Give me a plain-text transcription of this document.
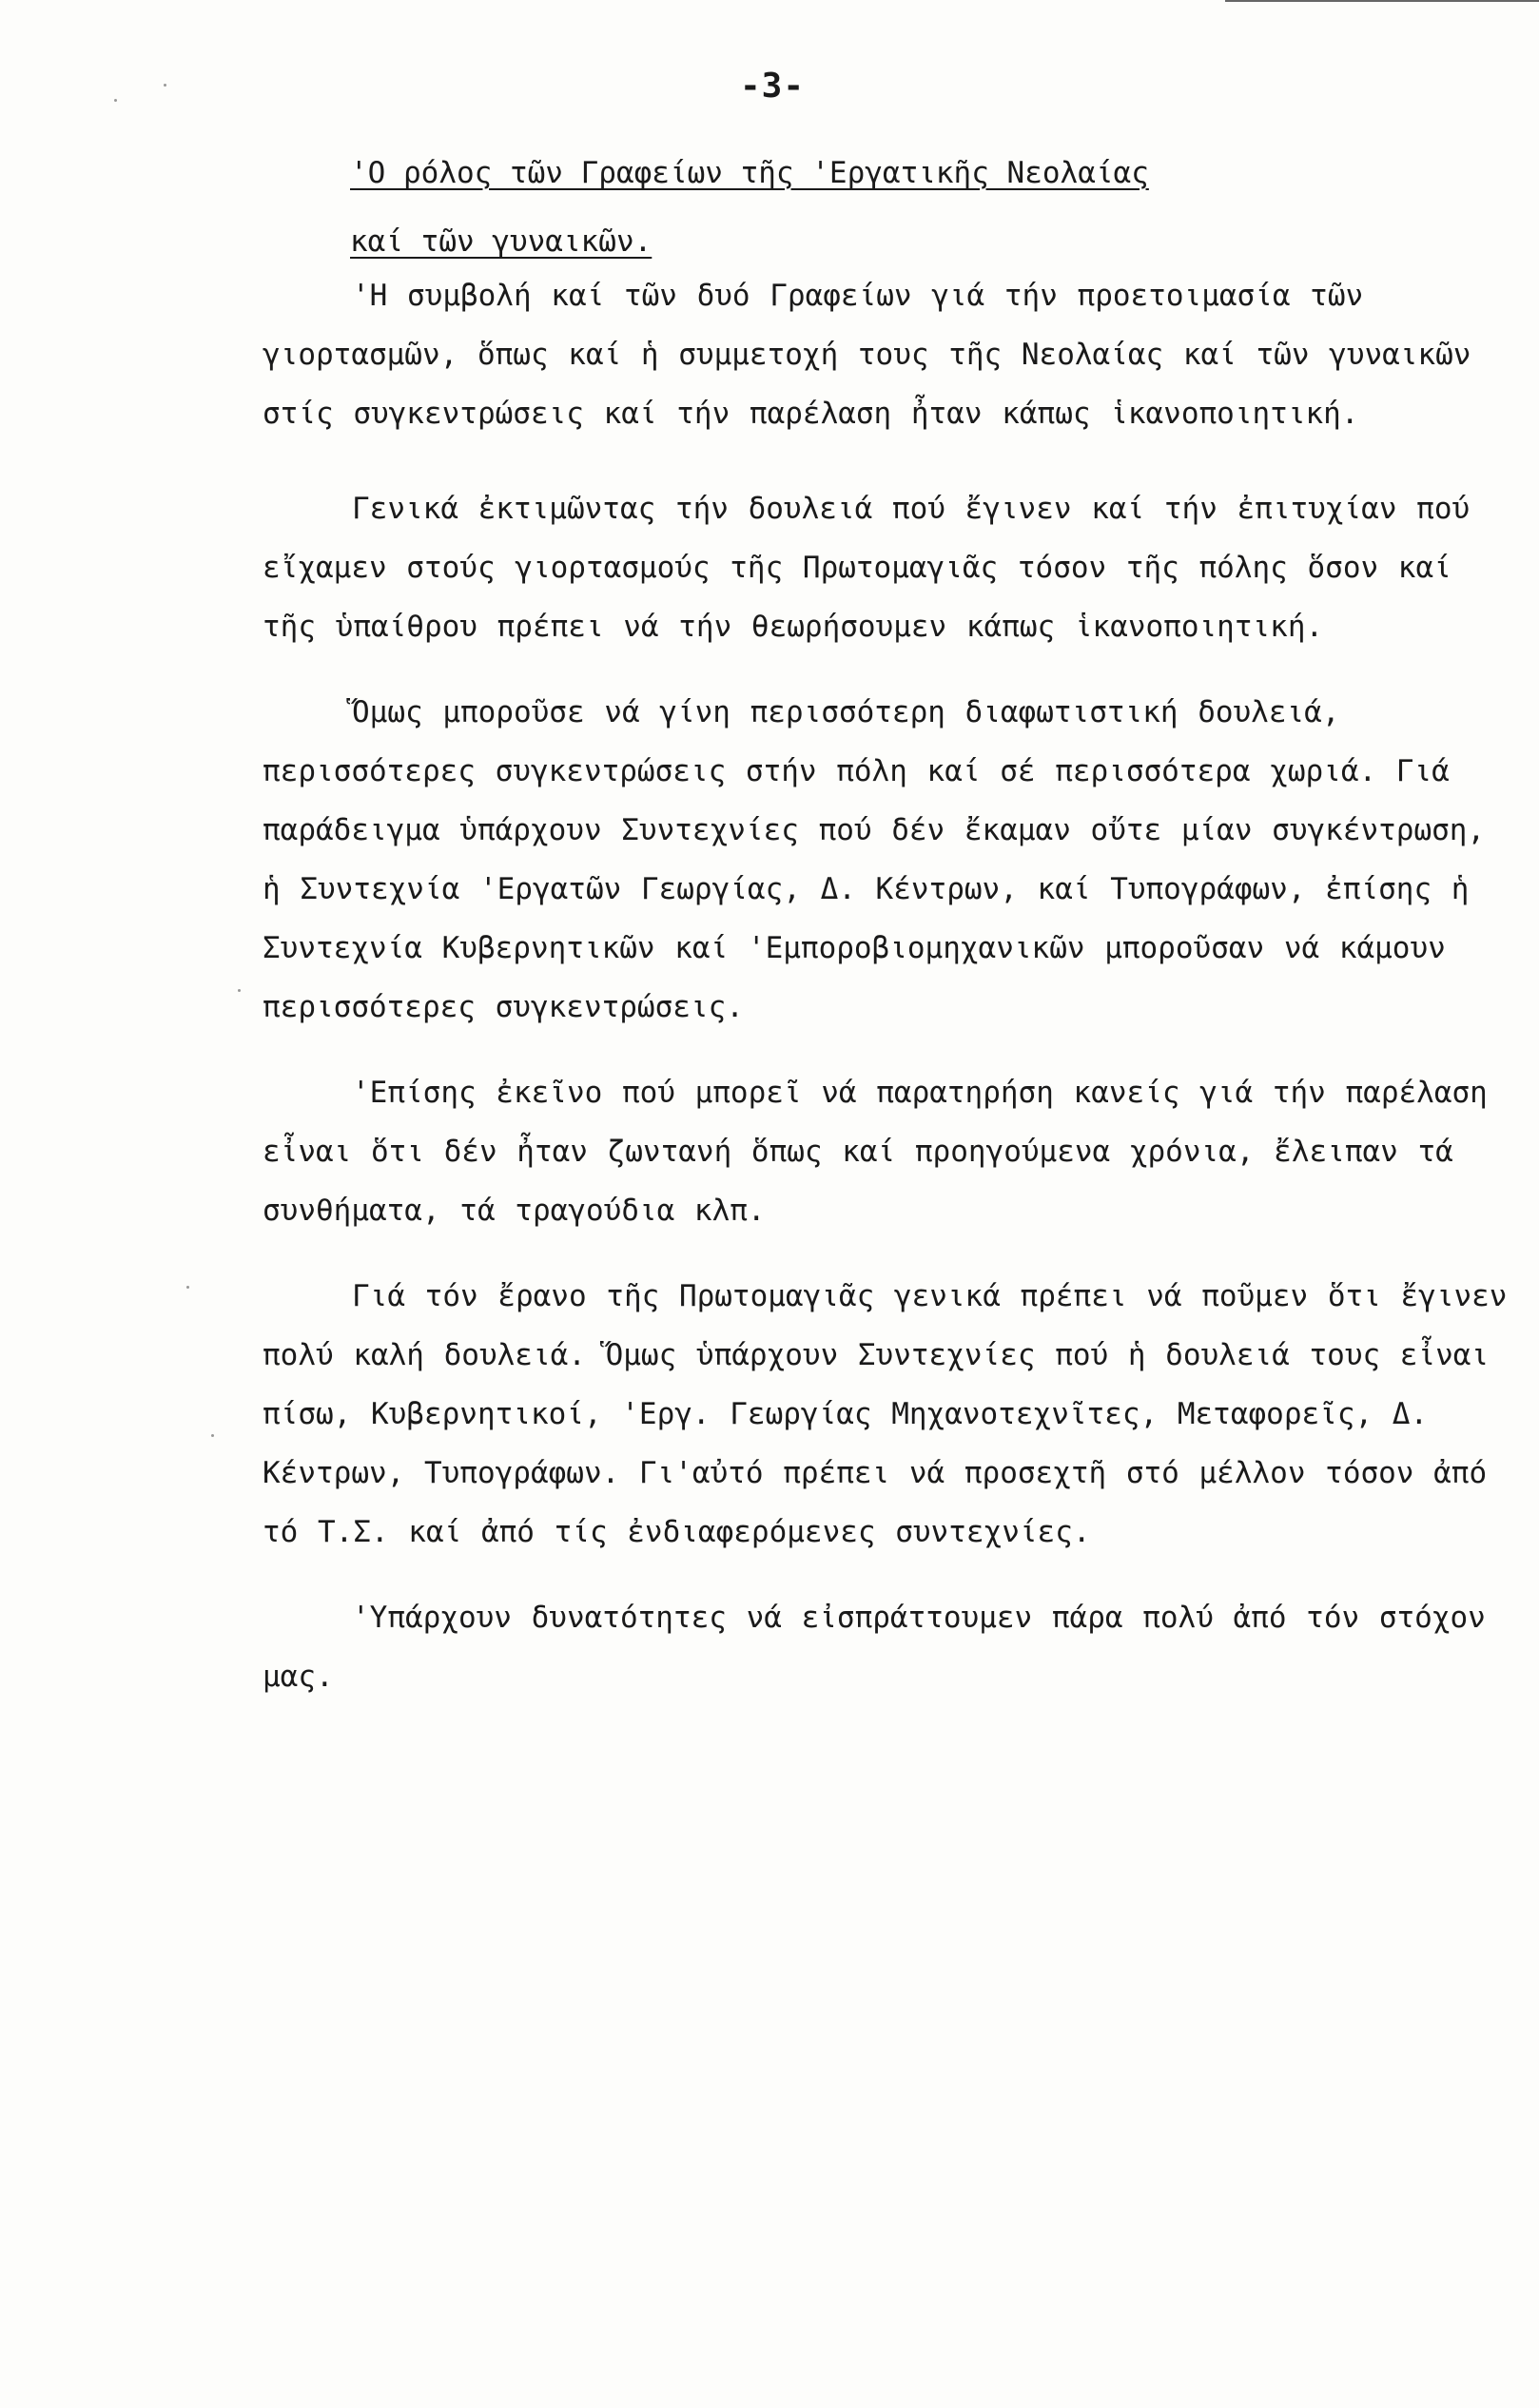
-3-
'Ο ρόλος τῶν Γραφείων τῆς 'Εργατικῆς Νεολαίας
καί τῶν γυναικῶν.

'Η συμβολή καί τῶν δυό Γραφείων γιά τήν προετοιμασία τῶν γιορτασμῶν, ὅπως καί ἡ συμμετοχή τους τῆς Νεολαίας καί τῶν γυναικῶν στίς συγκεντρώσεις καί τήν παρέλαση ἦταν κάπως ἱκανοποιητική.

Γενικά ἐκτιμῶντας τήν δουλειά πού ἔγινεν καί τήν ἐπιτυχίαν πού εἴχαμεν στούς γιορτασμούς τῆς Πρωτομαγιᾶς τόσον τῆς πόλης ὅσον καί τῆς ὑπαίθρου πρέπει νά τήν θεωρήσουμεν κάπως ἱκανοποιητική.

Ὅμως μποροῦσε νά γίνη περισσότερη διαφωτιστική δουλειά, περισσότερες συγκεντρώσεις στήν πόλη καί σέ περισσότερα χωριά. Γιά παράδειγμα ὑπάρχουν Συντεχνίες πού δέν ἔκαμαν οὔτε μίαν συγκέντρωση, ἡ Συντεχνία 'Εργατῶν Γεωργίας, Δ. Κέντρων, καί Τυπογράφων, ἐπίσης ἡ Συντεχνία Κυβερνητικῶν καί 'Εμποροβιομηχανικῶν μποροῦσαν νά κάμουν περισσότερες συγκεντρώσεις.

'Επίσης ἐκεῖνο πού μπορεῖ νά παρατηρήση κανείς γιά τήν παρέλαση εἶναι ὅτι δέν ἦταν ζωντανή ὅπως καί προηγούμενα χρόνια, ἔλειπαν τά συνθήματα, τά τραγούδια κλπ.

Γιά τόν ἔρανο τῆς Πρωτομαγιᾶς γενικά πρέπει νά ποῦμεν ὅτι ἔγινεν πολύ καλή δουλειά. Ὅμως ὑπάρχουν Συντεχνίες πού ἡ δουλειά τους εἶναι πίσω, Κυβερνητικοί, 'Εργ. Γεωργίας Μηχανοτεχνῖτες, Μεταφορεῖς, Δ. Κέντρων, Τυπογράφων. Γι'αὐτό πρέπει νά προσεχτῆ στό μέλλον τόσον ἀπό τό Τ.Σ. καί ἀπό τίς ἐνδιαφερόμενες συντεχνίες.

'Υπάρχουν δυνατότητες νά εἰσπράττουμεν πάρα πολύ ἀπό τόν στόχον μας.
